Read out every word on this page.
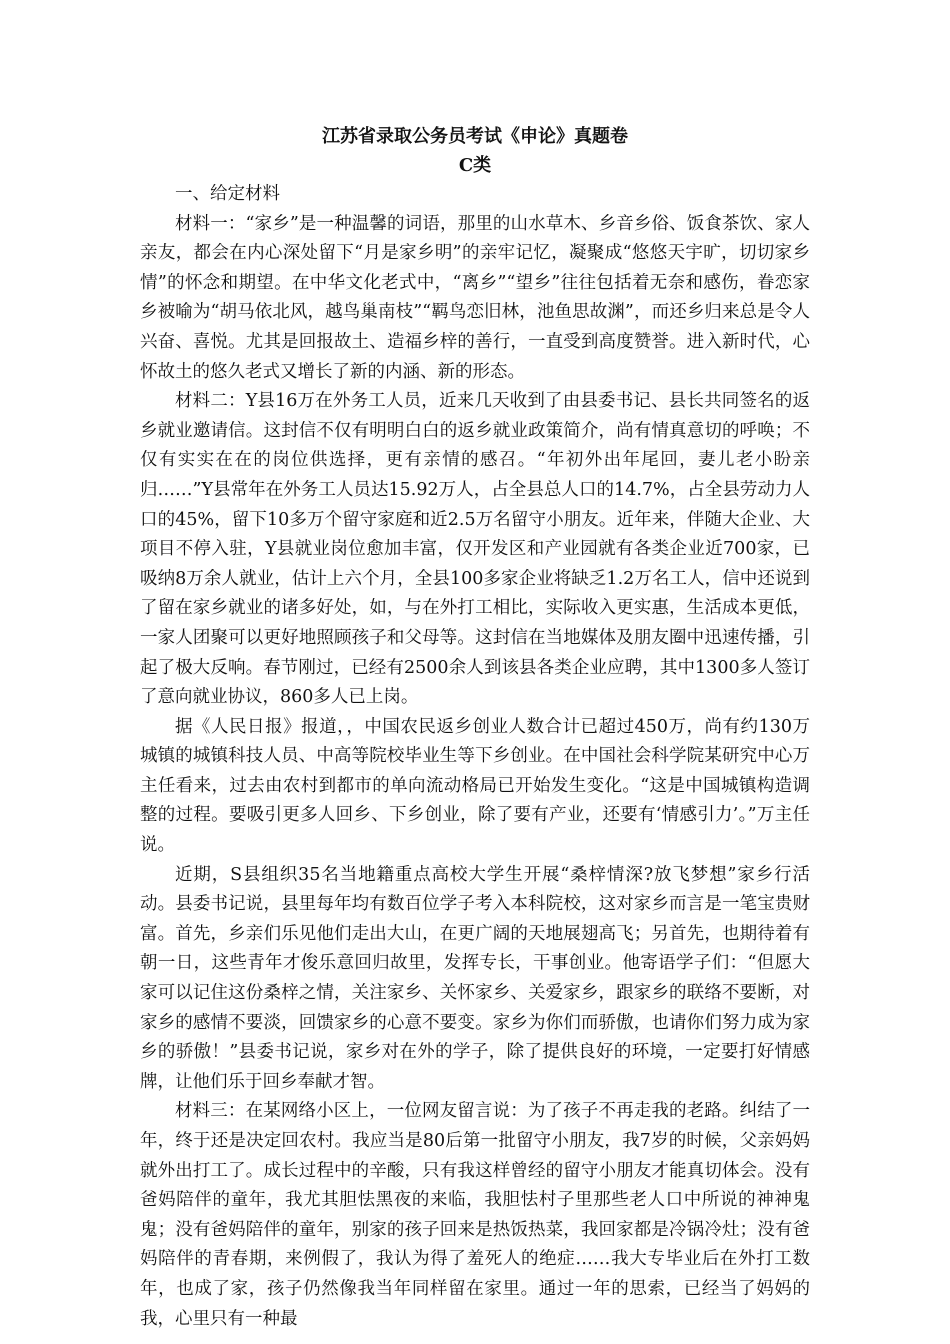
江苏省录取公务员考试《申论》真题卷

C类

一、给定材料

材料一：“家乡”是一种温馨的词语，那里的山水草木、乡音乡俗、饭食茶饮、家人亲友，都会在内心深处留下“月是家乡明”的亲牢记忆，凝聚成“悠悠天宇旷，切切家乡情”的怀念和期望。在中华文化老式中，“离乡”“望乡”往往包括着无奈和感伤，眷恋家乡被喻为“胡马依北风，越鸟巢南枝”“羁鸟恋旧林，池鱼思故渊”，而还乡归来总是令人兴奋、喜悦。尤其是回报故土、造福乡梓的善行，一直受到高度赞誉。进入新时代，心怀故土的悠久老式又增长了新的内涵、新的形态。

材料二：Y县16万在外务工人员，近来几天收到了由县委书记、县长共同签名的返乡就业邀请信。这封信不仅有明明白白的返乡就业政策简介，尚有情真意切的呼唤；不仅有实实在在的岗位供选择，更有亲情的感召。“年初外出年尾回，妻儿老小盼亲归……”Y县常年在外务工人员达15.92万人，占全县总人口的14.7%，占全县劳动力人口的45%，留下10多万个留守家庭和近2.5万名留守小朋友。近年来，伴随大企业、大项目不停入驻，Y县就业岗位愈加丰富，仅开发区和产业园就有各类企业近700家，已吸纳8万余人就业，估计上六个月，全县100多家企业将缺乏1.2万名工人，信中还说到了留在家乡就业的诸多好处，如，与在外打工相比，实际收入更实惠，生活成本更低，一家人团聚可以更好地照顾孩子和父母等。这封信在当地媒体及朋友圈中迅速传播，引起了极大反响。春节刚过，已经有2500余人到该县各类企业应聘，其中1300多人签订了意向就业协议，860多人已上岗。

据《人民日报》报道，，中国农民返乡创业人数合计已超过450万，尚有约130万城镇的城镇科技人员、中高等院校毕业生等下乡创业。在中国社会科学院某研究中心万主任看来，过去由农村到都市的单向流动格局已开始发生变化。“这是中国城镇构造调整的过程。要吸引更多人回乡、下乡创业，除了要有产业，还要有‘情感引力’。”万主任说。

近期，S县组织35名当地籍重点高校大学生开展“桑梓情深?放飞梦想”家乡行活动。县委书记说，县里每年均有数百位学子考入本科院校，这对家乡而言是一笔宝贵财富。首先，乡亲们乐见他们走出大山，在更广阔的天地展翅高飞；另首先，也期待着有朝一日，这些青年才俊乐意回归故里，发挥专长，干事创业。他寄语学子们：“但愿大家可以记住这份桑梓之情，关注家乡、关怀家乡、关爱家乡，跟家乡的联络不要断，对家乡的感情不要淡，回馈家乡的心意不要变。家乡为你们而骄傲，也请你们努力成为家乡的骄傲！”县委书记说，家乡对在外的学子，除了提供良好的环境，一定要打好情感牌，让他们乐于回乡奉献才智。

材料三：在某网络小区上，一位网友留言说：为了孩子不再走我的老路。纠结了一年，终于还是决定回农村。我应当是80后第一批留守小朋友，我7岁的时候，父亲妈妈就外出打工了。成长过程中的辛酸，只有我这样曾经的留守小朋友才能真切体会。没有爸妈陪伴的童年，我尤其胆怯黑夜的来临，我胆怯村子里那些老人口中所说的神神鬼鬼；没有爸妈陪伴的童年，别家的孩子回来是热饭热菜，我回家都是冷锅冷灶；没有爸妈陪伴的青春期，来例假了，我认为得了羞死人的绝症……我大专毕业后在外打工数年，也成了家，孩子仍然像我当年同样留在家里。通过一年的思索，已经当了妈妈的我，心里只有一种最
